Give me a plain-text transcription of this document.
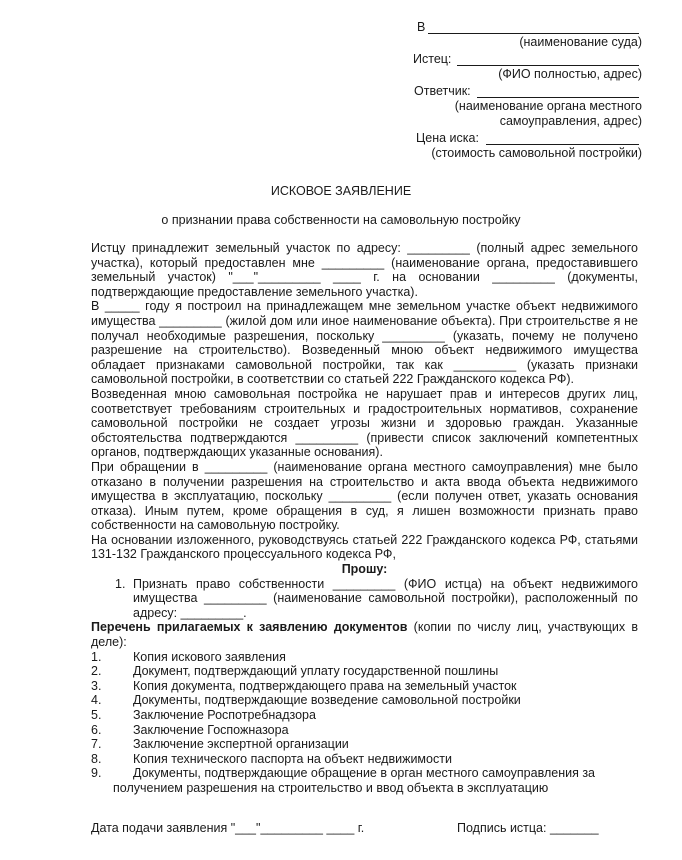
В
(наименование суда)
Истец:
(ФИО полностью, адрес)
Ответчик:
(наименование органа местного
самоуправления, адрес)
Цена иска:
(стоимость самовольной постройки)
ИСКОВОЕ ЗАЯВЛЕНИЕ
о признании права собственности на самовольную постройку

Истцу принадлежит земельный участок по адресу: _________ (полный адрес земельного участка), который предоставлен мне _________ (наименование органа, предоставившего земельный участок) "___"_________ ____ г. на основании _________ (документы, подтверждающие предоставление земельного участка).

В _____ году я построил на принадлежащем мне земельном участке объект недвижимого имущества _________ (жилой дом или иное наименование объекта). При строительстве я не получал необходимые разрешения, поскольку _________ (указать, почему не получено разрешение на строительство). Возведенный мною объект недвижимого имущества обладает признаками самовольной постройки, так как _________ (указать признаки самовольной постройки, в соответствии со статьей 222 Гражданского кодекса РФ).

Возведенная мною самовольная постройка не нарушает прав и интересов других лиц, соответствует требованиям строительных и градостроительных нормативов, сохранение самовольной постройки не создает угрозы жизни и здоровью граждан. Указанные обстоятельства подтверждаются _________ (привести список заключений компетентных органов, подтверждающих указанные основания).

При обращении в _________ (наименование органа местного самоуправления) мне было отказано в получении разрешения на строительство и акта ввода объекта недвижимого имущества в эксплуатацию, поскольку _________ (если получен ответ, указать основания отказа). Иным путем, кроме обращения в суд, я лишен возможности признать право собственности на самовольную постройку.

На основании изложенного, руководствуясь статьей 222 Гражданского кодекса РФ, статьями 131-132 Гражданского процессуального кодекса РФ,

Прошу:
1. Признать право собственности _________ (ФИО истца) на объект недвижимого имущества _________ (наименование самовольной постройки), расположенный по адресу: _________.

Перечень прилагаемых к заявлению документов (копии по числу лиц, участвующих в деле):

1.	Копия искового заявления
2.	Документ, подтверждающий уплату государственной пошлины
3.	Копия документа, подтверждающего права на земельный участок
4.	Документы, подтверждающие возведение самовольной постройки
5.	Заключение Роспотребнадзора
6.	Заключение Госпожназора
7.	Заключение экспертной организации
8.	Копия технического паспорта на объект недвижимости
9.	Документы, подтверждающие обращение в орган местного самоуправления за
получением разрешения на строительство и ввод объекта в эксплуатацию
Дата подачи заявления "___"_________ ____ г.	Подпись истца: _______
